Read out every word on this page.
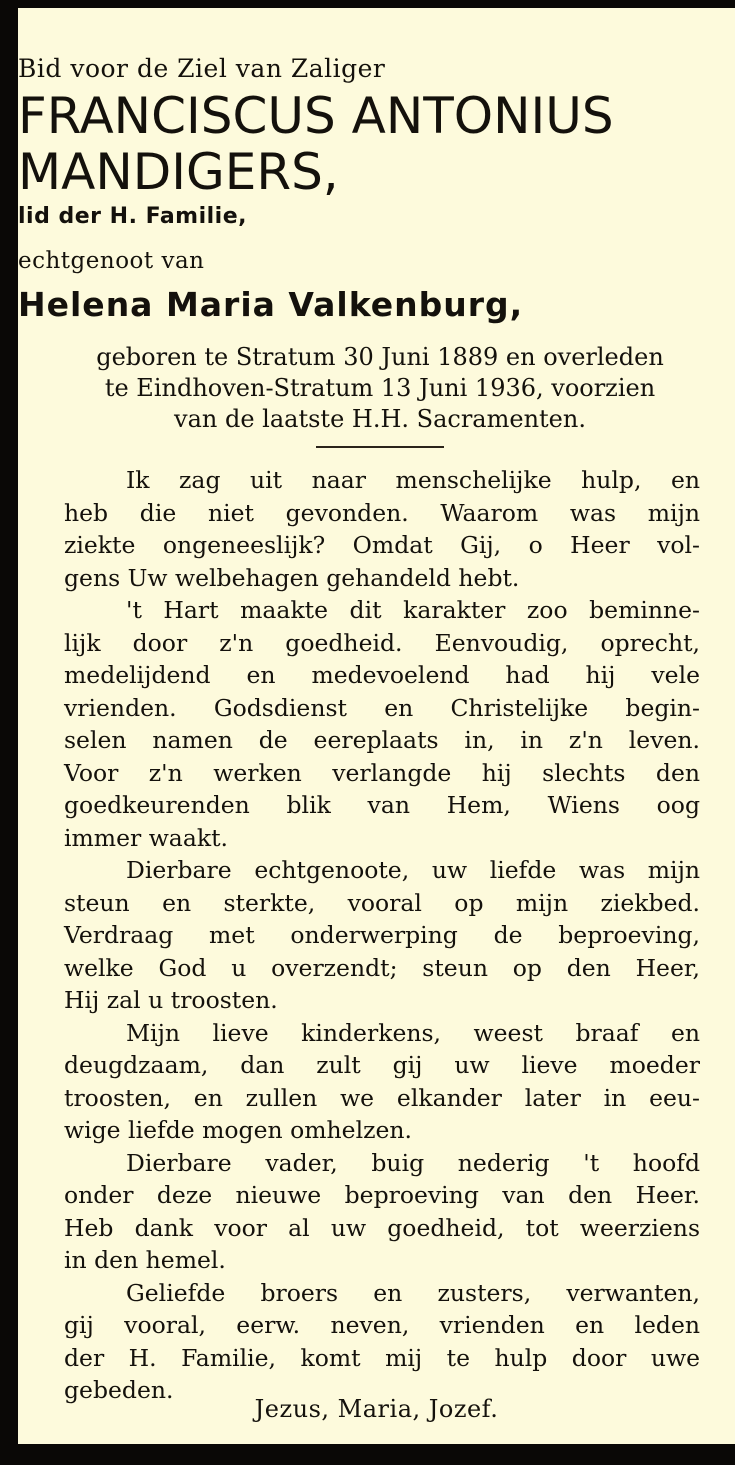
Bid voor de Ziel van Zaliger
FRANCISCUS ANTONIUS
MANDIGERS,
lid der H. Familie,
echtgenoot van
Helena Maria Valkenburg,
geboren te Stratum 30 Juni 1889 en overleden
te Eindhoven-Stratum 13 Juni 1936, voorzien
van de laatste H.H. Sacramenten.
Ik zag uit naar menschelijke hulp, en
heb die niet gevonden. Waarom was mijn
ziekte ongeneeslijk? Omdat Gij, o Heer vol-
gens Uw welbehagen gehandeld hebt.
't Hart maakte dit karakter zoo beminne-
lijk door z'n goedheid. Eenvoudig, oprecht,
medelijdend en medevoelend had hij vele
vrienden. Godsdienst en Christelijke begin-
selen namen de eereplaats in, in z'n leven.
Voor z'n werken verlangde hij slechts den
goedkeurenden blik van Hem, Wiens oog
immer waakt.
Dierbare echtgenoote, uw liefde was mijn
steun en sterkte, vooral op mijn ziekbed.
Verdraag met onderwerping de beproeving,
welke God u overzendt; steun op den Heer,
Hij zal u troosten.
Mijn lieve kinderkens, weest braaf en
deugdzaam, dan zult gij uw lieve moeder
troosten, en zullen we elkander later in eeu-
wige liefde mogen omhelzen.
Dierbare vader, buig nederig 't hoofd
onder deze nieuwe beproeving van den Heer.
Heb dank voor al uw goedheid, tot weerziens
in den hemel.
Geliefde broers en zusters, verwanten,
gij vooral, eerw. neven, vrienden en leden
der H. Familie, komt mij te hulp door uwe
gebeden.
Jezus, Maria, Jozef.
